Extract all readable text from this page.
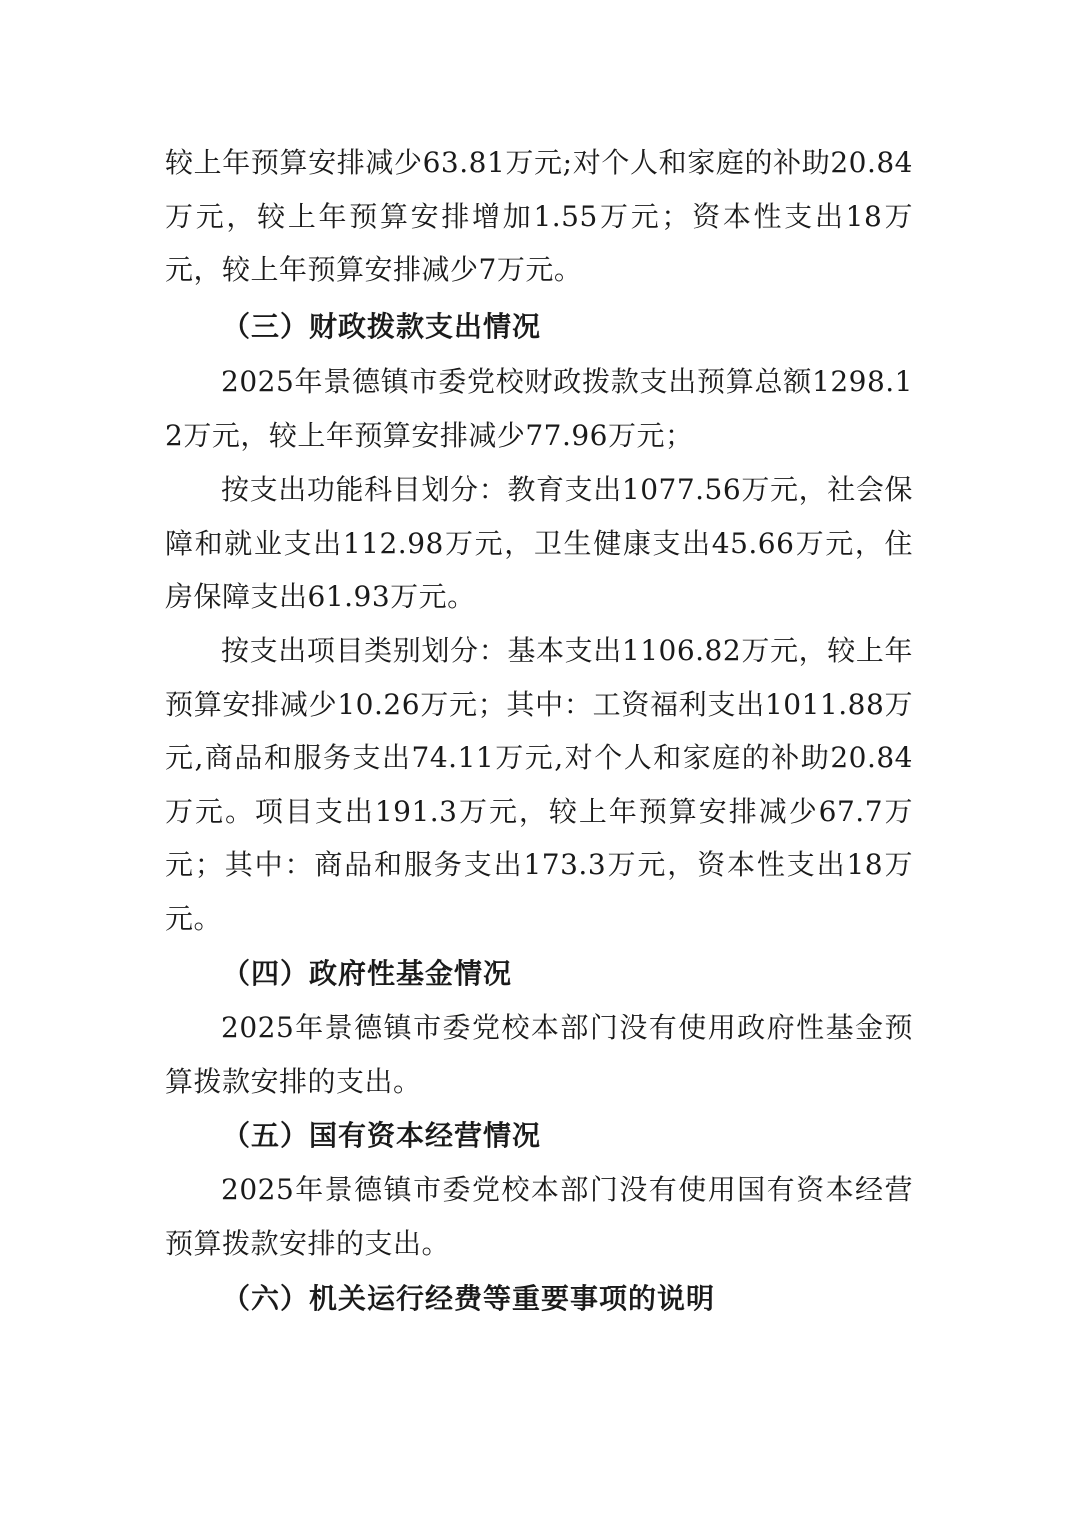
较上年预算安排减少63.81万元;对个人和家庭的补助20.84万元，较上年预算安排增加1.55万元；资本性支出18万元，较上年预算安排减少7万元。
（三）财政拨款支出情况
2025年景德镇市委党校财政拨款支出预算总额1298.12万元，较上年预算安排减少77.96万元；
按支出功能科目划分：教育支出1077.56万元，社会保障和就业支出112.98万元，卫生健康支出45.66万元，住房保障支出61.93万元。
按支出项目类别划分：基本支出1106.82万元，较上年预算安排减少10.26万元；其中：工资福利支出1011.88万元,商品和服务支出74.11万元,对个人和家庭的补助20.84万元。项目支出191.3万元，较上年预算安排减少67.7万元；其中：商品和服务支出173.3万元，资本性支出18万元。
（四）政府性基金情况
2025年景德镇市委党校本部门没有使用政府性基金预算拨款安排的支出。
（五）国有资本经营情况
2025年景德镇市委党校本部门没有使用国有资本经营预算拨款安排的支出。
（六）机关运行经费等重要事项的说明
